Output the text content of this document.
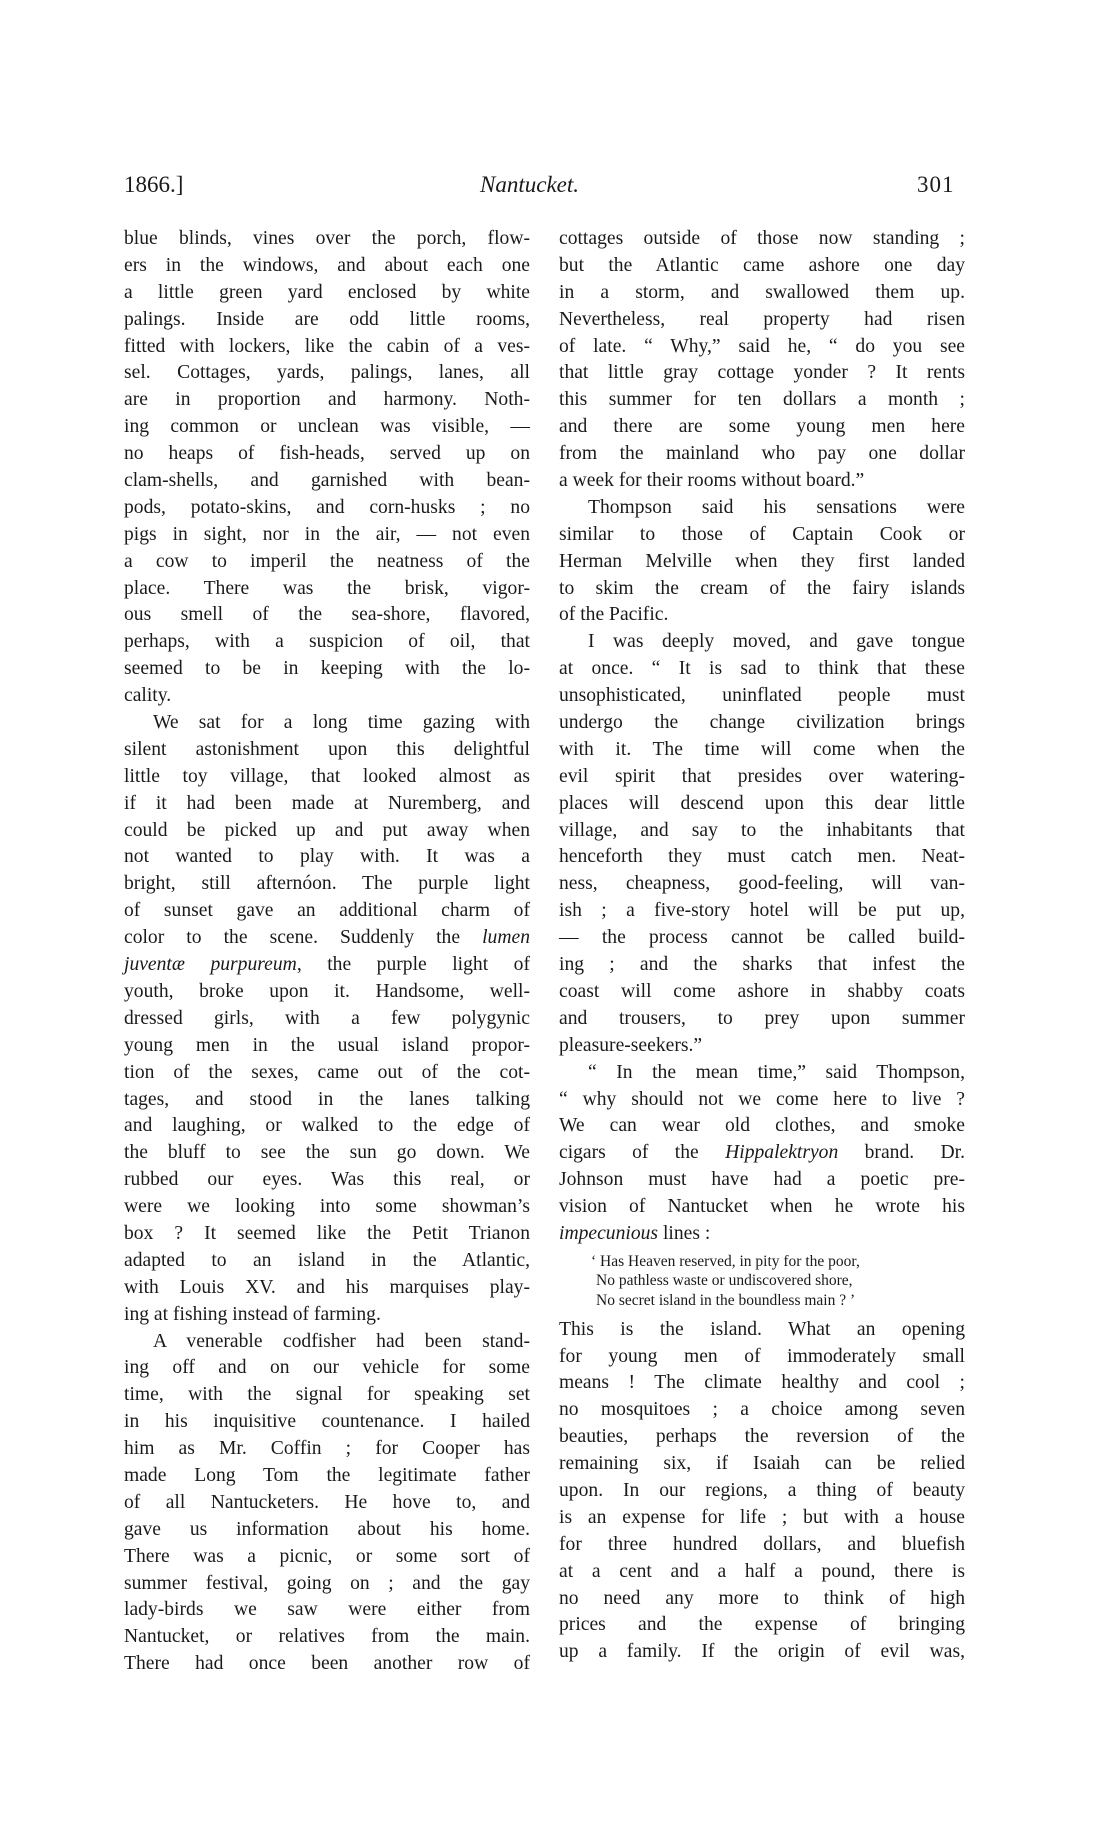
1866.]	Nantucket.	301
blue blinds, vines over the porch, flow-
ers in the windows, and about each one
a little green yard enclosed by white
palings. Inside are odd little rooms,
fitted with lockers, like the cabin of a ves-
sel. Cottages, yards, palings, lanes, all
are in proportion and harmony. Noth-
ing common or unclean was visible, —
no heaps of fish-heads, served up on
clam-shells, and garnished with bean-
pods, potato-skins, and corn-husks ; no
pigs in sight, nor in the air, — not even
a cow to imperil the neatness of the
place. There was the brisk, vigor-
ous smell of the sea-shore, flavored,
perhaps, with a suspicion of oil, that
seemed to be in keeping with the lo-
cality.
We sat for a long time gazing with
silent astonishment upon this delightful
little toy village, that looked almost as
if it had been made at Nuremberg, and
could be picked up and put away when
not wanted to play with. It was a
bright, still afternóon. The purple light
of sunset gave an additional charm of
color to the scene. Suddenly the lumen
juventæ purpureum, the purple light of
youth, broke upon it. Handsome, well-
dressed girls, with a few polygynic
young men in the usual island propor-
tion of the sexes, came out of the cot-
tages, and stood in the lanes talking
and laughing, or walked to the edge of
the bluff to see the sun go down. We
rubbed our eyes. Was this real, or
were we looking into some showman’s
box ? It seemed like the Petit Trianon
adapted to an island in the Atlantic,
with Louis XV. and his marquises play-
ing at fishing instead of farming.
A venerable codfisher had been stand-
ing off and on our vehicle for some
time, with the signal for speaking set
in his inquisitive countenance. I hailed
him as Mr. Coffin ; for Cooper has
made Long Tom the legitimate father
of all Nantucketers. He hove to, and
gave us information about his home.
There was a picnic, or some sort of
summer festival, going on ; and the gay
lady-birds we saw were either from
Nantucket, or relatives from the main.
There had once been another row of
cottages outside of those now standing ;
but the Atlantic came ashore one day
in a storm, and swallowed them up.
Nevertheless, real property had risen
of late. “ Why,” said he, “ do you see
that little gray cottage yonder ? It rents
this summer for ten dollars a month ;
and there are some young men here
from the mainland who pay one dollar
a week for their rooms without board.”
Thompson said his sensations were
similar to those of Captain Cook or
Herman Melville when they first landed
to skim the cream of the fairy islands
of the Pacific.
I was deeply moved, and gave tongue
at once. “ It is sad to think that these
unsophisticated, uninflated people must
undergo the change civilization brings
with it. The time will come when the
evil spirit that presides over watering-
places will descend upon this dear little
village, and say to the inhabitants that
henceforth they must catch men. Neat-
ness, cheapness, good-feeling, will van-
ish ; a five-story hotel will be put up,
— the process cannot be called build-
ing ; and the sharks that infest the
coast will come ashore in shabby coats
and trousers, to prey upon summer
pleasure-seekers.”
“ In the mean time,” said Thompson,
“ why should not we come here to live ?
We can wear old clothes, and smoke
cigars of the Hippalektryon brand. Dr.
Johnson must have had a poetic pre-
vision of Nantucket when he wrote his
impecunious lines :
‘ Has Heaven reserved, in pity for the poor,
No pathless waste or undiscovered shore,
No secret island in the boundless main ? ’
This is the island. What an opening
for young men of immoderately small
means ! The climate healthy and cool ;
no mosquitoes ; a choice among seven
beauties, perhaps the reversion of the
remaining six, if Isaiah can be relied
upon. In our regions, a thing of beauty
is an expense for life ; but with a house
for three hundred dollars, and bluefish
at a cent and a half a pound, there is
no need any more to think of high
prices and the expense of bringing
up a family. If the origin of evil was,
